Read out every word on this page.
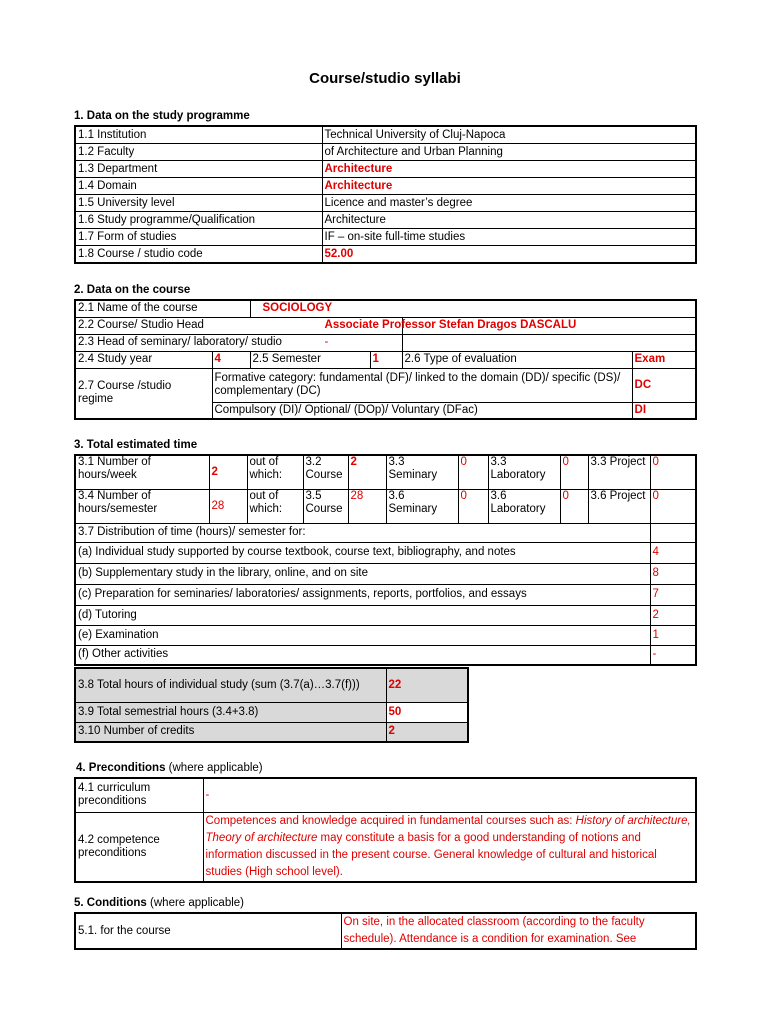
Course/studio syllabi
1. Data on the study programme
1.1 Institution	Technical University of Cluj-Napoca
1.2 Faculty	of Architecture and Urban Planning
1.3 Department	Architecture
1.4 Domain	Architecture
1.5 University level	Licence and master’s degree
1.6 Study programme/Qualification	Architecture
1.7 Form of studies	IF – on-site full-time studies
1.8 Course / studio code	52.00
2. Data on the course
2.1 Name of the course		SOCIOLOGY			
2.2 Course/ Studio Head				Associate Professor Stefan Dragos DASCALU	
2.3 Head of seminary/ laboratory/ studio				-	
2.4 Study year	4	2.5 Semester	1	2.6 Type of evaluation	Exam
2.7 Course /studio regime	Formative category: fundamental (DF)/ linked to the domain (DD)/ specific (DS)/ complementary (DC)				DC
	Compulsory (DI)/ Optional/ (DOp)/ Voluntary (DFac)				DI
3. Total estimated time
3.1 Number of hours/week	2	out of which:	3.2 Course	2	3.3 Seminary	0	3.3 Laboratory	0	3.3 Project	0
3.4 Number of hours/semester	28	out of which:	3.5 Course	28	3.6 Seminary	0	3.6 Laboratory	0	3.6 Project	0
3.7 Distribution of time (hours)/ semester for:										
(a) Individual study supported by course textbook, course text, bibliography, and notes										4
(b) Supplementary study in the library, online, and on site										8
(c) Preparation for seminaries/ laboratories/ assignments, reports, portfolios, and essays										7
(d) Tutoring										2
(e) Examination										1
(f) Other activities										-
3.8 Total hours of individual study (sum (3.7(a)…3.7(f)))	22
3.9 Total semestrial hours (3.4+3.8)	50
3.10 Number of credits	2
4. Preconditions (where applicable)
4.1 curriculum preconditions	-
4.2 competence preconditions	Competences and knowledge acquired in fundamental courses such as: History of architecture, Theory of architecture may constitute a basis for a good understanding of notions and information discussed in the present course. General knowledge of cultural and historical studies (High school level).
5. Conditions (where applicable)
5.1. for the course	On site, in the allocated classroom (according to the faculty schedule). Attendance is a condition for examination. See
